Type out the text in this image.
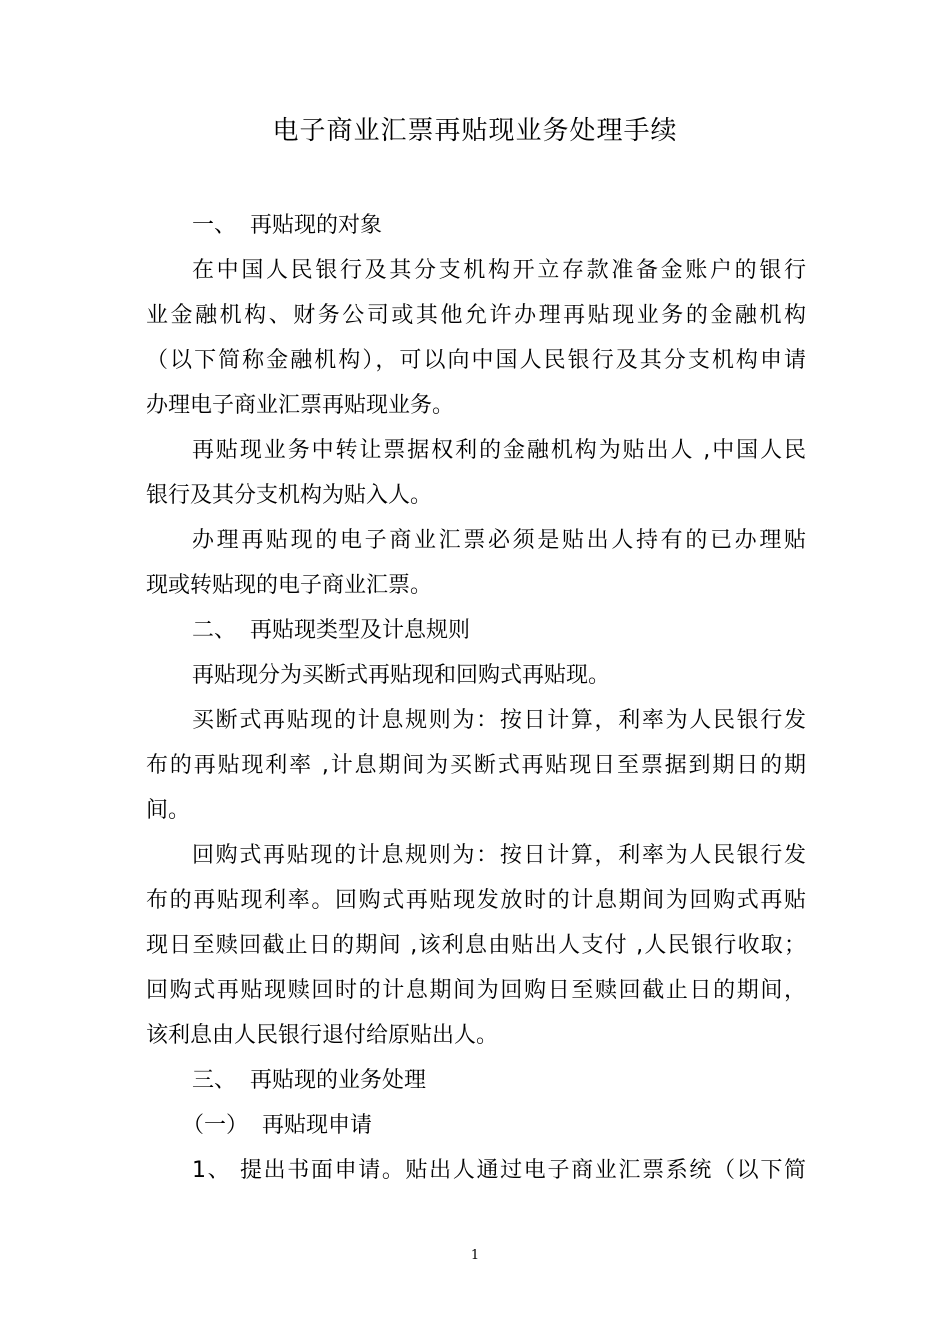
电子商业汇票再贴现业务处理手续

一、  再贴现的对象

在中国人民银行及其分支机构开立存款准备金账户的银行

业金融机构、财务公司或其他允许办理再贴现业务的金融机构

（以下简称金融机构），可以向中国人民银行及其分支机构申请

办理电子商业汇票再贴现业务。

再贴现业务中转让票据权利的金融机构为贴出人 ,中国人民

银行及其分支机构为贴入人。

办理再贴现的电子商业汇票必须是贴出人持有的已办理贴

现或转贴现的电子商业汇票。

二、  再贴现类型及计息规则

再贴现分为买断式再贴现和回购式再贴现。

买断式再贴现的计息规则为：按日计算，利率为人民银行发

布的再贴现利率 ,计息期间为买断式再贴现日至票据到期日的期

间。

回购式再贴现的计息规则为：按日计算，利率为人民银行发

布的再贴现利率。回购式再贴现发放时的计息期间为回购式再贴

现日至赎回截止日的期间 ,该利息由贴出人支付 ,人民银行收取；

回购式再贴现赎回时的计息期间为回购日至赎回截止日的期间，

该利息由人民银行退付给原贴出人。

三、  再贴现的业务处理

（一）  再贴现申请

1、 提出书面申请。贴出人通过电子商业汇票系统（以下简

1
